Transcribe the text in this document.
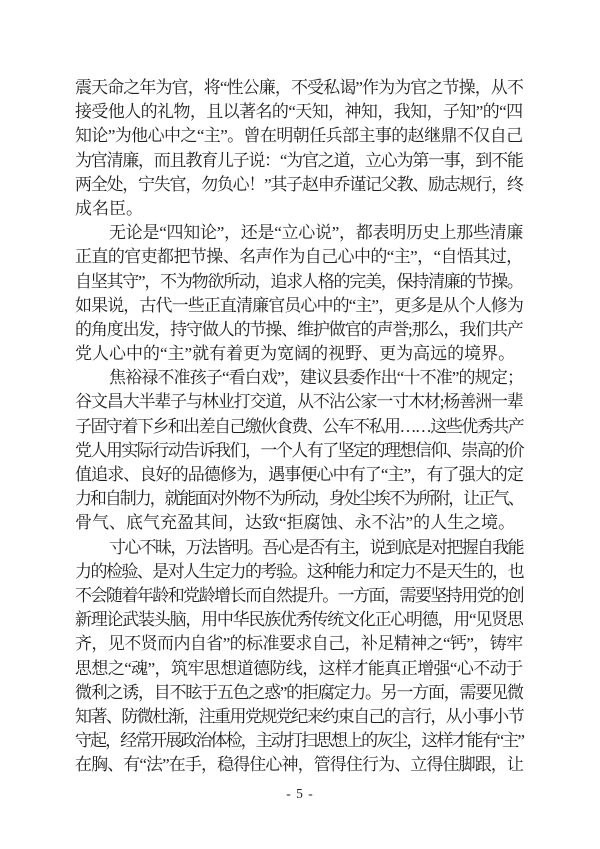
震天命之年为官，将“性公廉，不受私谒”作为为官之节操，从不
接受他人的礼物，且以著名的“天知，神知，我知，子知”的“四
知论”为他心中之“主”。曾在明朝任兵部主事的赵继鼎不仅自己
为官清廉，而且教育儿子说：“为官之道，立心为第一事，到不能
两全处，宁失官，勿负心！”其子赵申乔谨记父教、励志规行，终
成名臣。
无论是“四知论”，还是“立心说”，都表明历史上那些清廉
正直的官吏都把节操、名声作为自己心中的“主”，“自悟其过，
自坚其守”，不为物欲所动，追求人格的完美，保持清廉的节操。
如果说，古代一些正直清廉官员心中的“主”，更多是从个人修为
的角度出发，持守做人的节操、维护做官的声誉;那么，我们共产
党人心中的“主”就有着更为宽阔的视野、更为高远的境界。
焦裕禄不准孩子“看白戏”，建议县委作出“十不准”的规定；
谷文昌大半辈子与林业打交道，从不沾公家一寸木材;杨善洲一辈
子固守着下乡和出差自己缴伙食费、公车不私用……这些优秀共产
党人用实际行动告诉我们，一个人有了坚定的理想信仰、崇高的价
值追求、良好的品德修为，遇事便心中有了“主”，有了强大的定
力和自制力，就能面对外物不为所动，身处尘埃不为所附，让正气、
骨气、底气充盈其间，达致“拒腐蚀、永不沾”的人生之境。
寸心不昧，万法皆明。吾心是否有主，说到底是对把握自我能
力的检验、是对人生定力的考验。这种能力和定力不是天生的，也
不会随着年龄和党龄增长而自然提升。一方面，需要坚持用党的创
新理论武装头脑，用中华民族优秀传统文化正心明德，用“见贤思
齐，见不贤而内自省”的标准要求自己，补足精神之“钙”，铸牢
思想之“魂”，筑牢思想道德防线，这样才能真正增强“心不动于
微利之诱，目不眩于五色之惑”的拒腐定力。另一方面，需要见微
知著、防微杜渐，注重用党规党纪来约束自己的言行，从小事小节
守起，经常开展政治体检，主动打扫思想上的灰尘，这样才能有“主”
在胸、有“法”在手，稳得住心神，管得住行为、立得住脚跟，让
- 5 -
